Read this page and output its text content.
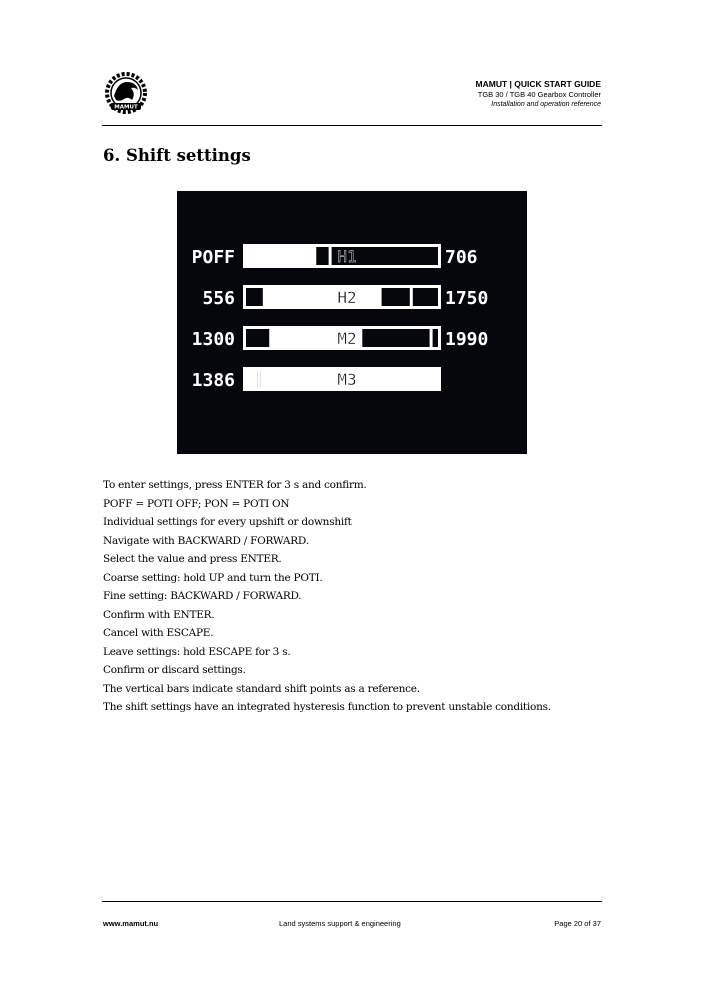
MAMUT
MAMUT | QUICK START GUIDE
TGB 30 / TGB 40 Gearbox Controller
Installation and operation reference
6. Shift settings
POFF	H1	706
556	H2	1750
1300	M2	1990
1386	M3
To enter settings, press ENTER for 3 s and confirm.
POFF = POTI OFF; PON = POTI ON
Individual settings for every upshift or downshift
Navigate with BACKWARD / FORWARD.
Select the value and press ENTER.
Coarse setting: hold UP and turn the POTI.
Fine setting: BACKWARD / FORWARD.
Confirm with ENTER.
Cancel with ESCAPE.
Leave settings: hold ESCAPE for 3 s.
Confirm or discard settings.
The vertical bars indicate standard shift points as a reference.
The shift settings have an integrated hysteresis function to prevent unstable conditions.
www.mamut.nu	Land systems support & engineering	Page 20 of 37
